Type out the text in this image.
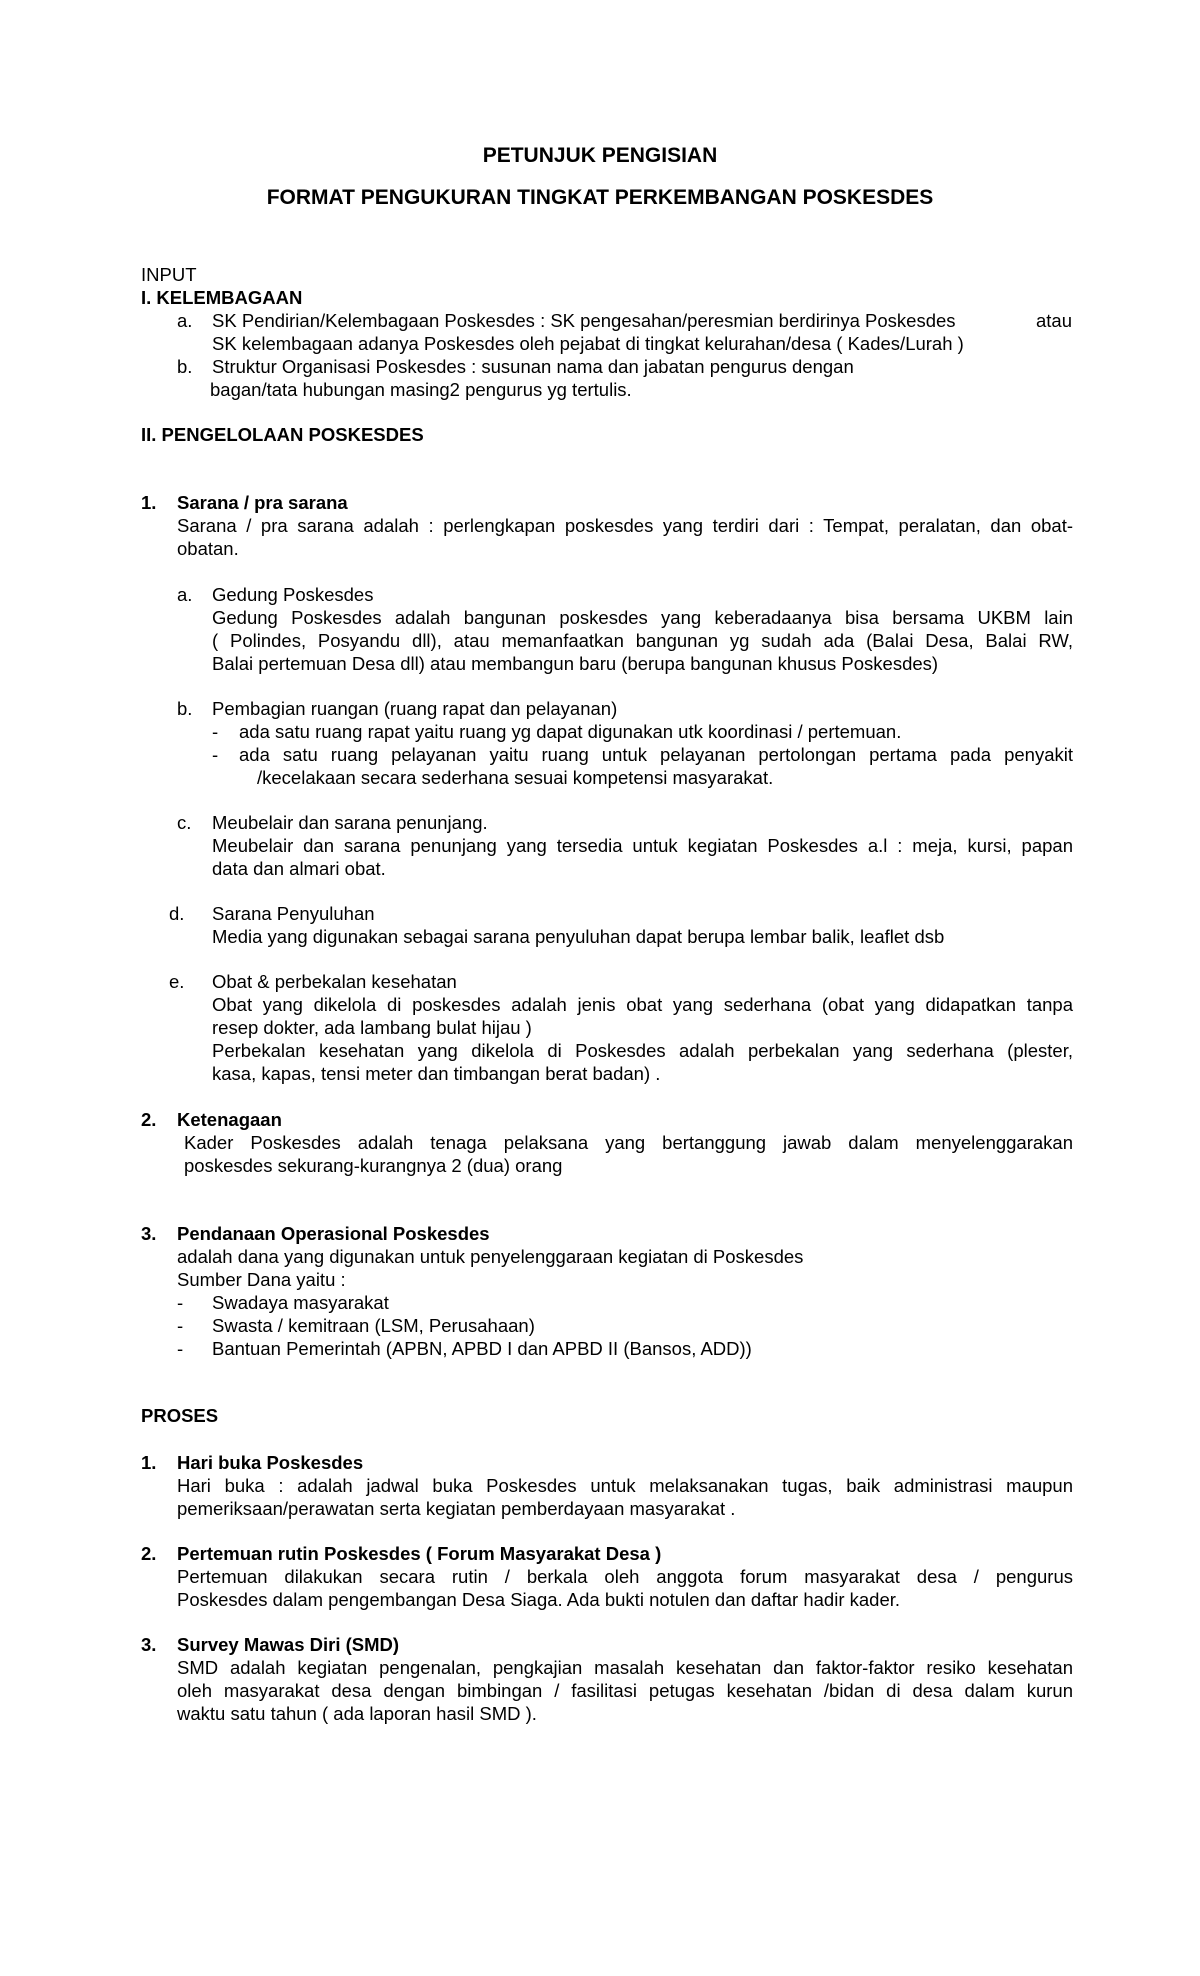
PETUNJUK PENGISIAN
FORMAT PENGUKURAN TINGKAT PERKEMBANGAN POSKESDES
INPUT
I. KELEMBAGAAN
a. SK Pendirian/Kelembagaan Poskesdes : SK pengesahan/peresmian berdirinya Poskesdes	atau
SK kelembagaan adanya Poskesdes oleh pejabat di tingkat kelurahan/desa ( Kades/Lurah )
b. Struktur Organisasi Poskesdes : susunan nama dan jabatan pengurus dengan
bagan/tata hubungan masing2 pengurus yg tertulis.
II. PENGELOLAAN POSKESDES
1. Sarana / pra sarana
Sarana / pra sarana adalah : perlengkapan poskesdes yang terdiri dari : Tempat, peralatan, dan obat-
obatan.
a. Gedung Poskesdes
Gedung Poskesdes adalah bangunan poskesdes yang keberadaanya bisa bersama UKBM lain
( Polindes, Posyandu dll), atau memanfaatkan bangunan yg sudah ada (Balai Desa, Balai RW,
Balai pertemuan Desa dll) atau membangun baru (berupa bangunan khusus Poskesdes)
b. Pembagian ruangan (ruang rapat dan pelayanan)
- ada satu ruang rapat yaitu ruang yg dapat digunakan utk koordinasi / pertemuan.
- ada satu ruang pelayanan yaitu ruang untuk pelayanan pertolongan pertama pada penyakit
/kecelakaan secara sederhana sesuai kompetensi masyarakat.
c. Meubelair dan sarana penunjang.
Meubelair dan sarana penunjang yang tersedia untuk kegiatan Poskesdes a.l : meja, kursi, papan
data dan almari obat.
d. Sarana Penyuluhan
Media yang digunakan sebagai sarana penyuluhan dapat berupa lembar balik, leaflet dsb
e. Obat & perbekalan kesehatan
Obat yang dikelola di poskesdes adalah jenis obat yang sederhana (obat yang didapatkan tanpa
resep dokter, ada lambang bulat hijau )
Perbekalan kesehatan yang dikelola di Poskesdes adalah perbekalan yang sederhana (plester,
kasa, kapas, tensi meter dan timbangan berat badan) .
2. Ketenagaan
Kader Poskesdes adalah tenaga pelaksana yang bertanggung jawab dalam menyelenggarakan
poskesdes sekurang-kurangnya 2 (dua) orang
3. Pendanaan Operasional Poskesdes
adalah dana yang digunakan untuk penyelenggaraan kegiatan di Poskesdes
Sumber Dana yaitu :
- Swadaya masyarakat
- Swasta / kemitraan (LSM, Perusahaan)
- Bantuan Pemerintah (APBN, APBD I dan APBD II (Bansos, ADD))
PROSES
1. Hari buka Poskesdes
Hari buka : adalah jadwal buka Poskesdes untuk melaksanakan tugas, baik administrasi maupun
pemeriksaan/perawatan serta kegiatan pemberdayaan masyarakat .
2. Pertemuan rutin Poskesdes ( Forum Masyarakat Desa )
Pertemuan dilakukan secara rutin / berkala oleh anggota forum masyarakat desa / pengurus
Poskesdes dalam pengembangan Desa Siaga. Ada bukti notulen dan daftar hadir kader.
3. Survey Mawas Diri (SMD)
SMD adalah kegiatan pengenalan, pengkajian masalah kesehatan dan faktor-faktor resiko kesehatan
oleh masyarakat desa dengan bimbingan / fasilitasi petugas kesehatan /bidan di desa dalam kurun
waktu satu tahun ( ada laporan hasil SMD ).
